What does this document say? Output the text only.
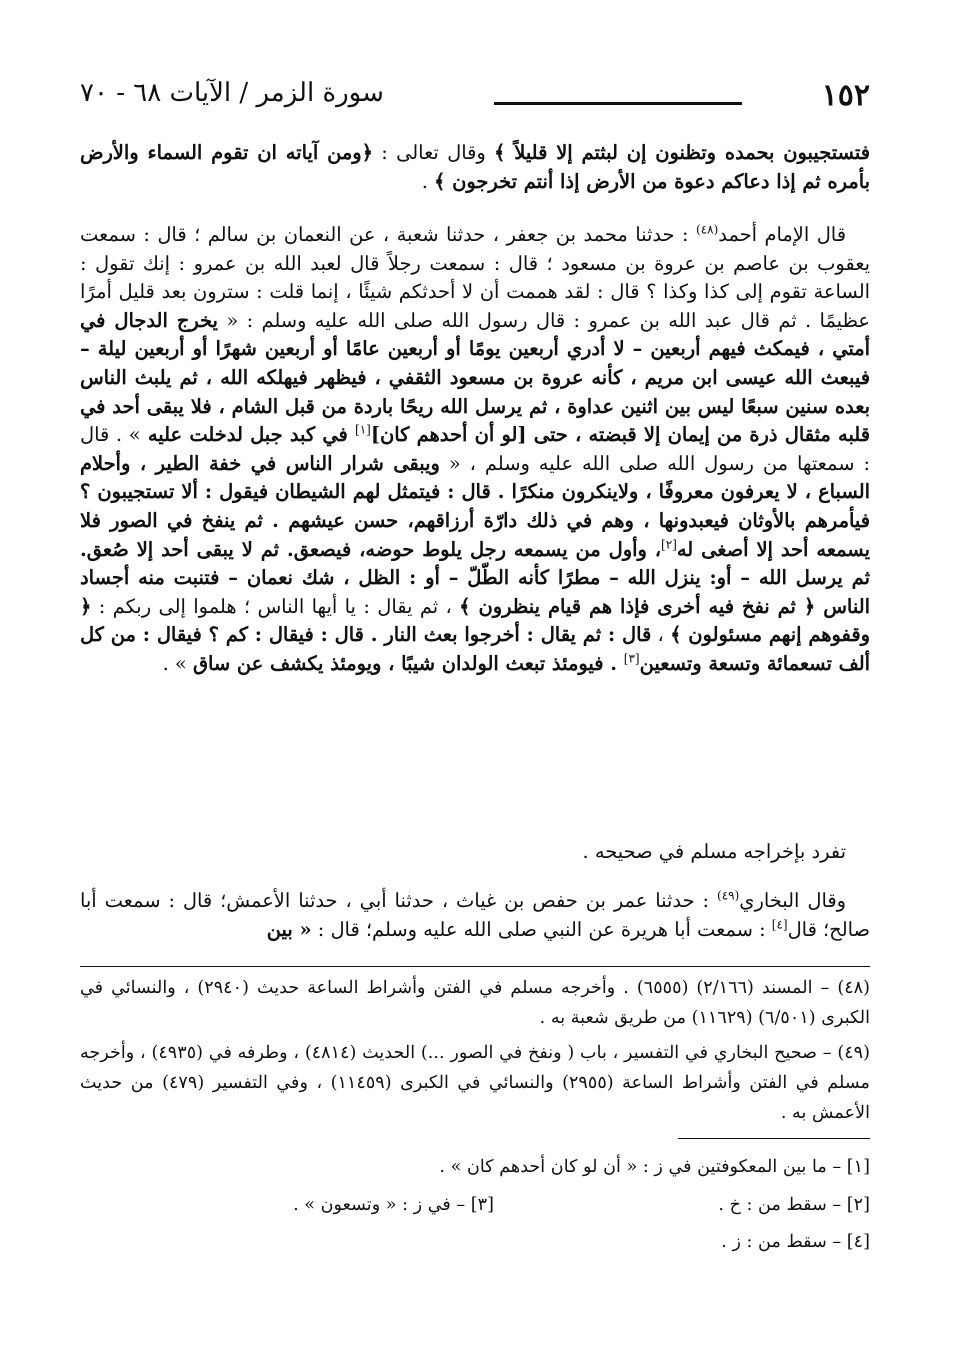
١٥٢
سورة الزمر / الآيات ٦٨ - ٧٠

فتستجيبون بحمده وتظنون إن لبثتم إلا قليلاً ﴾ وقال تعالى : ﴿ومن آياته ان تقوم السماء والأرض بأمره ثم إذا دعاكم دعوة من الأرض إذا أنتم تخرجون ﴾ .

قال الإمام أحمد$^{(٤٨)}$ : حدثنا محمد بن جعفر ، حدثنا شعبة ، عن النعمان بن سالم ؛ قال : سمعت يعقوب بن عاصم بن عروة بن مسعود ؛ قال : سمعت رجلاً قال لعبد الله بن عمرو : إنك تقول : الساعة تقوم إلى كذا وكذا ؟ قال : لقد هممت أن لا أحدثكم شيئًا ، إنما قلت : سترون بعد قليل أمرًا عظيمًا . ثم قال عبد الله بن عمرو : قال رسول الله صلى الله عليه وسلم : « يخرج الدجال في أمتي ، فيمكث فيهم أربعين – لا أدري أربعين يومًا أو أربعين عامًا أو أربعين شهرًا أو أربعين ليلة – فيبعث الله عيسى ابن مريم ، كأنه عروة بن مسعود الثقفي ، فيظهر فيهلكه الله ، ثم يلبث الناس بعده سنين سبعًا ليس بين اثنين عداوة ، ثم يرسل الله ريحًا باردة من قبل الشام ، فلا يبقى أحد في قلبه مثقال ذرة من إيمان إلا قبضته ، حتى [لو أن أحدهم كان][١] في كبد جبل لدخلت عليه » . قال : سمعتها من رسول الله صلى الله عليه وسلم ، « ويبقى شرار الناس في خفة الطير ، وأحلام السباع ، لا يعرفون معروفًا ، ولاينكرون منكرًا . قال : فيتمثل لهم الشيطان فيقول : ألا تستجيبون ؟ فيأمرهم بالأوثان فيعبدونها ، وهم في ذلك دارّة أرزاقهم، حسن عيشهم . ثم ينفخ في الصور فلا يسمعه أحد إلا أصغى له[٢]، وأول من يسمعه رجل يلوط حوضه، فيصعق. ثم لا يبقى أحد إلا صُعق. ثم يرسل الله – أو: ينزل الله – مطرًا كأنه الطّلّ – أو : الظل ، شك نعمان – فتنبت منه أجساد الناس ﴿ ثم نفخ فيه أخرى فإذا هم قيام ينظرون ﴾ ، ثم يقال : يا أيها الناس ؛ هلموا إلى ربكم : ﴿ وقفوهم إنهم مسئولون ﴾ ، قال : ثم يقال : أخرجوا بعث النار . قال : فيقال : كم ؟ فيقال : من كل ألف تسعمائة وتسعة وتسعين[٣] . فيومئذ تبعث الولدان شيبًا ، ويومئذ يكشف عن ساق » .

تفرد بإخراجه مسلم في صحيحه .

وقال البخاري$^{(٤٩)}$ : حدثنا عمر بن حفص بن غياث ، حدثنا أبي ، حدثنا الأعمش؛ قال : سمعت أبا صالح؛ قال[٤] : سمعت أبا هريرة عن النبي صلى الله عليه وسلم؛ قال : « بين

(٤٨) – المسند (٢/١٦٦) (٦٥٥٥) . وأخرجه مسلم في الفتن وأشراط الساعة حديث (٢٩٤٠) ، والنسائي في الكبرى (٦/٥٠١) (١١٦٢٩) من طريق شعبة به .

(٤٩) – صحيح البخاري في التفسير ، باب ( ونفخ في الصور ...) الحديث (٤٨١٤) ، وطرفه في (٤٩٣٥) ، وأخرجه مسلم في الفتن وأشراط الساعة (٢٩٥٥) والنسائي في الكبرى (١١٤٥٩) ، وفي التفسير (٤٧٩) من حديث الأعمش به .

[١] – ما بين المعكوفتين في ز : « أن لو كان أحدهم كان » .
[٢] – سقط من : خ .
[٣] – في ز : « وتسعون » .
[٤] – سقط من : ز .
